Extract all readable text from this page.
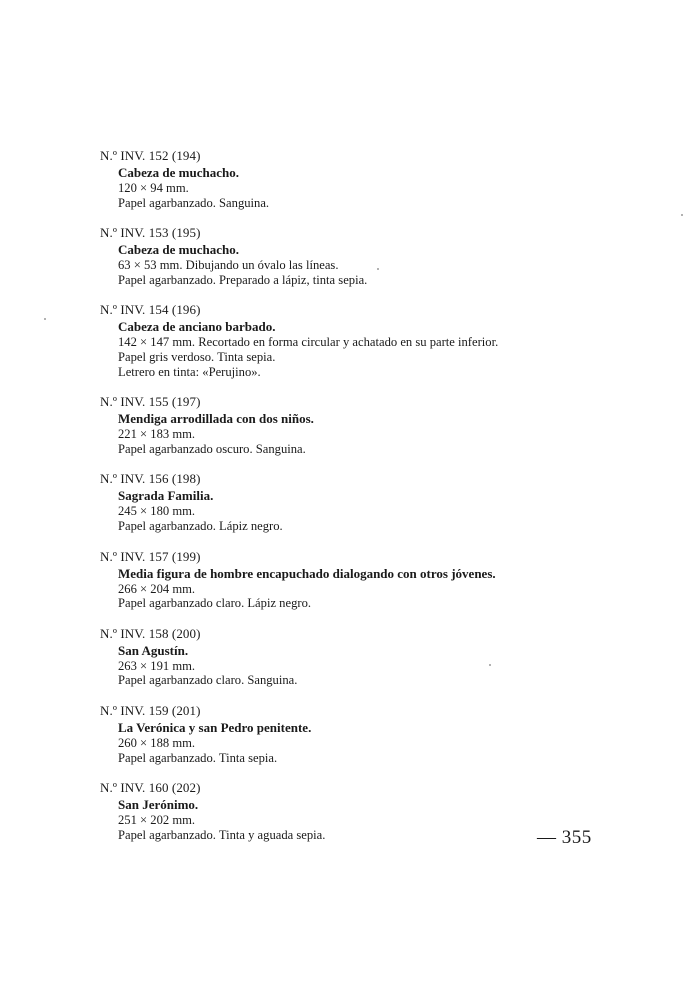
N.º INV. 152 (194)
Cabeza de muchacho.
120 × 94 mm.
Papel agarbanzado. Sanguina.
N.º INV. 153 (195)
Cabeza de muchacho.
63 × 53 mm. Dibujando un óvalo las líneas.
Papel agarbanzado. Preparado a lápiz, tinta sepia.
N.º INV. 154 (196)
Cabeza de anciano barbado.
142 × 147 mm. Recortado en forma circular y achatado en su parte inferior.
Papel gris verdoso. Tinta sepia.
Letrero en tinta: «Perujino».
N.º INV. 155 (197)
Mendiga arrodillada con dos niños.
221 × 183 mm.
Papel agarbanzado oscuro. Sanguina.
N.º INV. 156 (198)
Sagrada Familia.
245 × 180 mm.
Papel agarbanzado. Lápiz negro.
N.º INV. 157 (199)
Media figura de hombre encapuchado dialogando con otros jóvenes.
266 × 204 mm.
Papel agarbanzado claro. Lápiz negro.
N.º INV. 158 (200)
San Agustín.
263 × 191 mm.
Papel agarbanzado claro. Sanguina.
N.º INV. 159 (201)
La Verónica y san Pedro penitente.
260 × 188 mm.
Papel agarbanzado. Tinta sepia.
N.º INV. 160 (202)
San Jerónimo.
251 × 202 mm.
Papel agarbanzado. Tinta y aguada sepia.	— 355
